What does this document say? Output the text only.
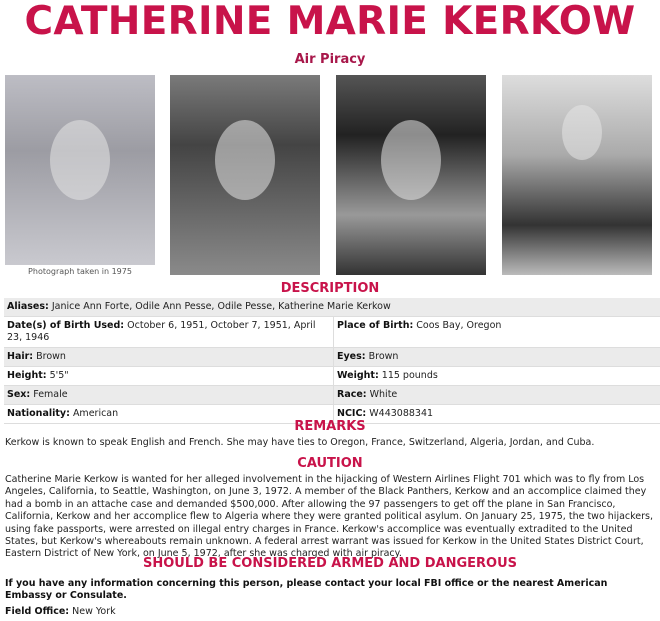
CATHERINE MARIE KERKOW
Air Piracy
Photograph taken in 1975
DESCRIPTION
Aliases: Janice Ann Forte, Odile Ann Pesse, Odile Pesse, Katherine Marie Kerkow	
Date(s) of Birth Used: October 6, 1951, October 7, 1951, April 23, 1946	Place of Birth: Coos Bay, Oregon
Hair: Brown	Eyes: Brown
Height: 5'5"	Weight: 115 pounds
Sex: Female	Race: White
Nationality: American	NCIC: W443088341
REMARKS
Kerkow is known to speak English and French. She may have ties to Oregon, France, Switzerland, Algeria, Jordan, and Cuba.
CAUTION
Catherine Marie Kerkow is wanted for her alleged involvement in the hijacking of Western Airlines Flight 701 which was to fly from Los Angeles, California, to Seattle, Washington, on June 3, 1972. A member of the Black Panthers, Kerkow and an accomplice claimed they had a bomb in an attache case and demanded $500,000. After allowing the 97 passengers to get off the plane in San Francisco, California, Kerkow and her accomplice flew to Algeria where they were granted political asylum. On January 25, 1975, the two hijackers, using fake passports, were arrested on illegal entry charges in France. Kerkow's accomplice was eventually extradited to the United States, but Kerkow's whereabouts remain unknown. A federal arrest warrant was issued for Kerkow in the United States District Court, Eastern District of New York, on June 5, 1972, after she was charged with air piracy.
SHOULD BE CONSIDERED ARMED AND DANGEROUS
If you have any information concerning this person, please contact your local FBI office or the nearest American Embassy or Consulate.
Field Office: New York
